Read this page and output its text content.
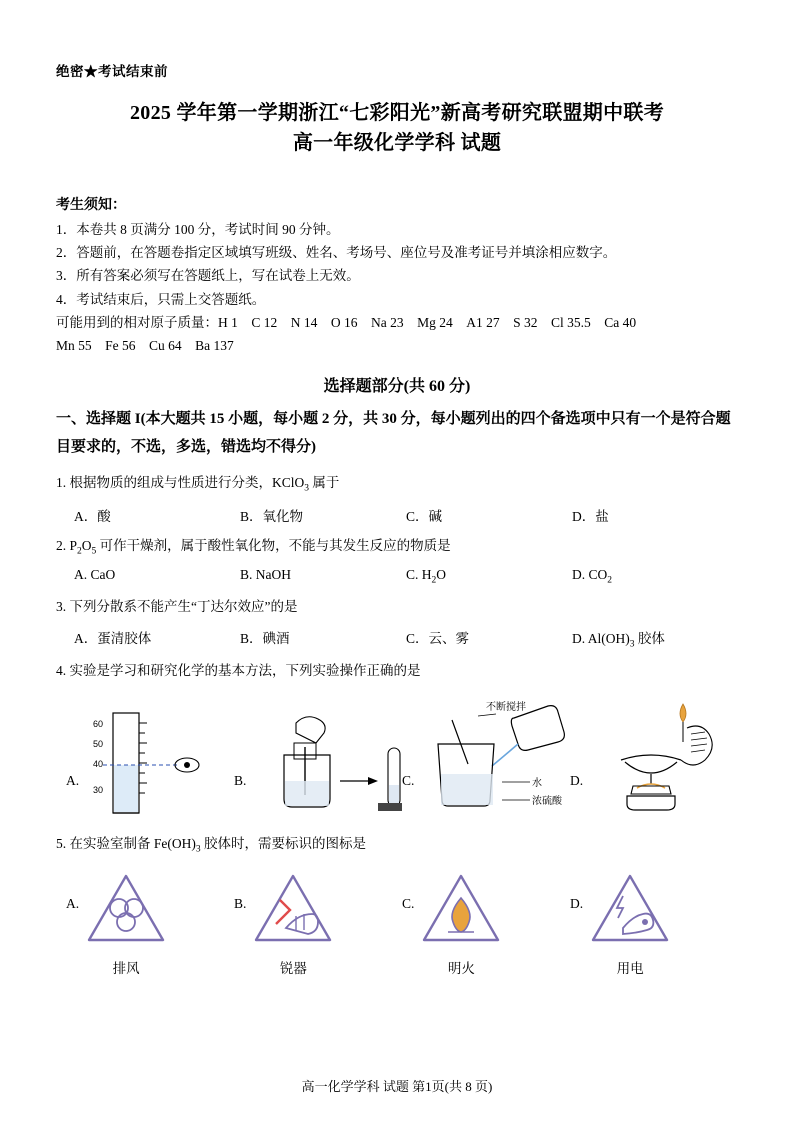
绝密★考试结束前
2025 学年第一学期浙江“七彩阳光”新高考研究联盟期中联考
高一年级化学学科 试题
考生须知：
1．本卷共 8 页满分 100 分，考试时间 90 分钟。
2．答题前，在答题卷指定区域填写班级、姓名、考场号、座位号及准考证号并填涂相应数字。
3．所有答案必须写在答题纸上，写在试卷上无效。
4．考试结束后，只需上交答题纸。
可能用到的相对原子质量：H 1　C 12　N 14　O 16　Na 23　Mg 24　A1 27　S 32　Cl 35.5　Ca 40
Mn 55　Fe 56　Cu 64　Ba 137
选择题部分(共 60 分)
一、选择题 I(本大题共 15 小题，每小题 2 分，共 30 分，每小题列出的四个备选项中只有一个是符合题目要求的，不选，多选，错选均不得分)
1. 根据物质的组成与性质进行分类，KClO$_3$ 属于
A．酸	B．氧化物	C．碱	D．盐
2. $P_2O_5$ 可作干燥剂，属于酸性氧化物，不能与其发生反应的物质是
A. CaO	B. NaOH	C. $H_2O$	D. $CO_2$
3. 下列分散系不能产生“丁达尔效应”的是
A．蛋清胶体	B．碘酒	C．云、雾	D. $Al(OH)_3$ 胶体
4. 实验是学习和研究化学的基本方法，下列实验操作正确的是
A.
60
50
40
30
B.	C.
不断搅拌
水
浓硫酸
D.
5. 在实验室制备 $Fe(OH)_3$ 胶体时，需要标识的图标是
A.
排风
B.
锐器
C.
明火
D.
用电
高一化学学科 试题 第1页(共 8 页)
